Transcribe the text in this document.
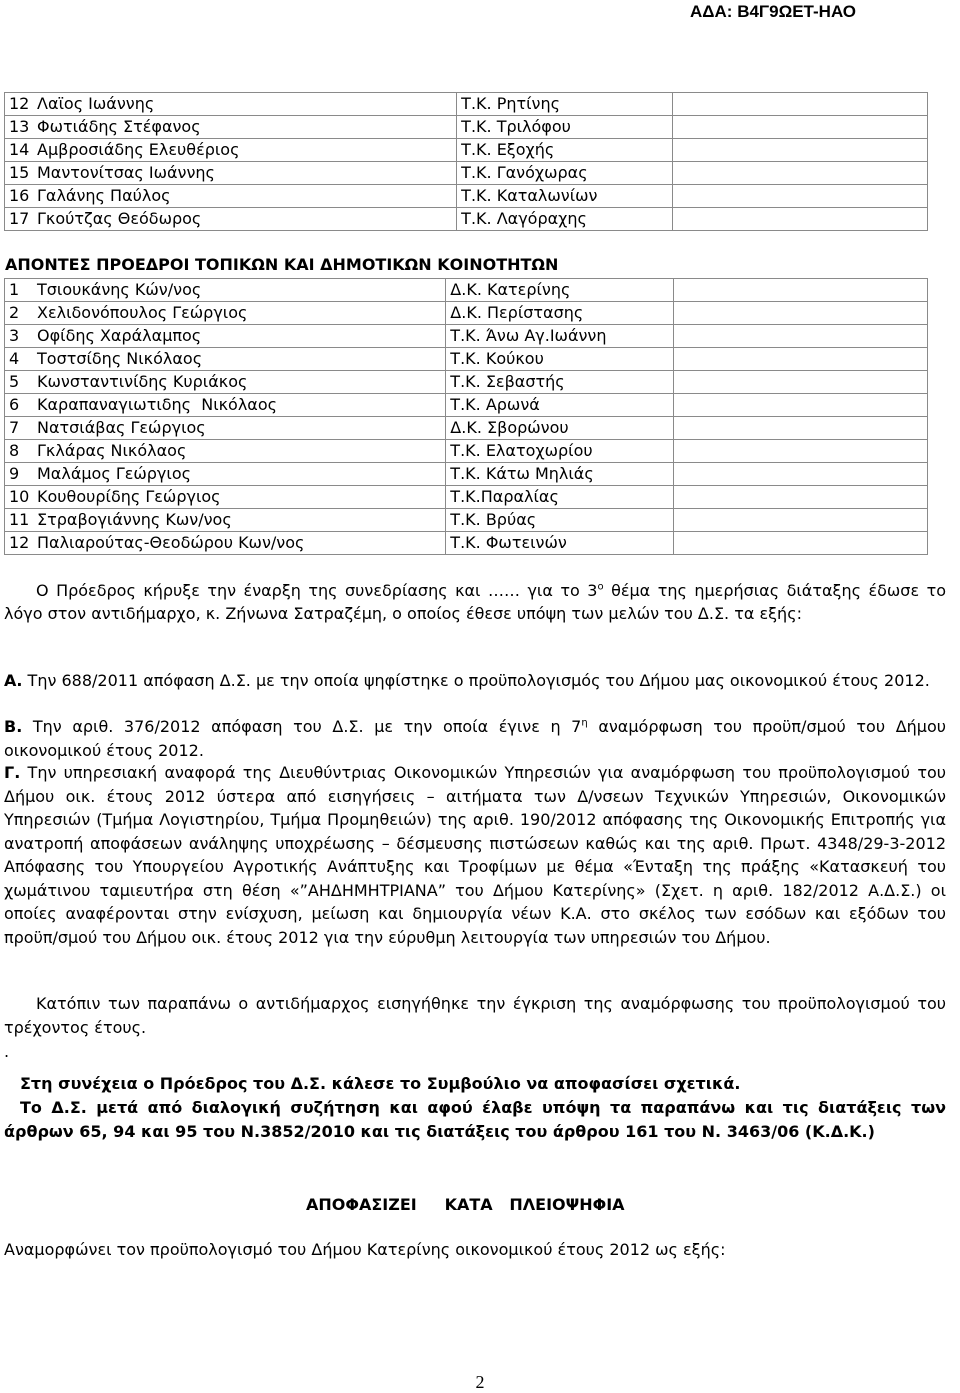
ΑΔΑ: Β4Γ9ΩΕΤ-ΗΑΟ
12 Λαϊος Ιωάννης	Τ.Κ. Ρητίνης	
13 Φωτιάδης Στέφανος	Τ.Κ. Τριλόφου	
14 Αμβροσιάδης Ελευθέριος	Τ.Κ. Εξοχής	
15 Μαντονίτσας Ιωάννης	Τ.Κ. Γανόχωρας	
16 Γαλάνης Παύλος	Τ.Κ. Καταλωνίων	
17 Γκούτζας Θεόδωρος	Τ.Κ. Λαγόραχης	
ΑΠΟΝΤΕΣ ΠΡΟΕΔΡΟΙ ΤΟΠΙΚΩΝ ΚΑΙ ΔΗΜΟΤΙΚΩΝ ΚΟΙΝΟΤΗΤΩΝ
1 Τσιουκάνης Κών/νος	Δ.Κ. Κατερίνης	
2 Χελιδονόπουλος Γεώργιος	Δ.Κ. Περίστασης	
3 Οφίδης Χαράλαμπος	Τ.Κ. Άνω Αγ.Ιωάννη	
4 Τοστσίδης Νικόλαος	Τ.Κ. Κούκου	
5 Κωνσταντινίδης Κυριάκος	Τ.Κ. Σεβαστής	
6 Καραπαναγιωτιδης  Νικόλαος	Τ.Κ. Αρωνά	
7 Νατσιάβας Γεώργιος	Δ.Κ. Σβορώνου	
8 Γκλάρας Νικόλαος	Τ.Κ. Ελατοχωρίου	
9 Μαλάμος Γεώργιος	Τ.Κ. Κάτω Μηλιάς	
10 Κουθουρίδης Γεώργιος	Τ.Κ.Παραλίας	
11 Στραβογιάννης Κων/νος	Τ.Κ. Βρύας	
12 Παλιαρούτας-Θεοδώρου Κων/νος	Τ.Κ. Φωτεινών	
Ο Πρόεδρος κήρυξε την έναρξη της συνεδρίασης και …… για το $3^o$ θέμα της ημερήσιας διάταξης έδωσε το λόγο στον αντιδήμαρχο, κ. Ζήνωνα Σατραζέμη, ο οποίος έθεσε υπόψη των μελών του Δ.Σ. τα εξής:
Α. Την 688/2011 απόφαση Δ.Σ. με την οποία ψηφίστηκε ο προϋπολογισμός του Δήμου μας οικονομικού έτους 2012.
Β. Την αριθ. 376/2012 απόφαση του Δ.Σ. με την οποία έγινε η $7^\eta$ αναμόρφωση του προϋπ/σμού του Δήμου οικονομικού έτους 2012.
Γ. Την υπηρεσιακή αναφορά της Διευθύντριας Οικονομικών Υπηρεσιών για αναμόρφωση του προϋπολογισμού του Δήμου οικ. έτους 2012 ύστερα από εισηγήσεις – αιτήματα των Δ/νσεων Τεχνικών Υπηρεσιών, Οικονομικών Υπηρεσιών (Τμήμα Λογιστηρίου, Τμήμα Προμηθειών) της αριθ. 190/2012 απόφασης της Οικονομικής Επιτροπής για ανατροπή αποφάσεων ανάληψης υποχρέωσης – δέσμευσης πιστώσεων καθώς και της αριθ. Πρωτ. 4348/29-3-2012 Απόφασης του Υπουργείου Αγροτικής Ανάπτυξης και Τροφίμων με θέμα «Ένταξη της πράξης «Κατασκευή του χωμάτινου ταμιευτήρα στη θέση «”ΑΗΔΗΜΗΤΡΙΑΝΑ” του Δήμου Κατερίνης» (Σχετ. η αριθ. 182/2012 Α.Δ.Σ.) οι οποίες αναφέρονται στην ενίσχυση, μείωση και δημιουργία νέων Κ.Α. στο σκέλος των εσόδων και εξόδων του προϋπ/σμού του Δήμου οικ. έτους 2012 για την εύρυθμη λειτουργία των υπηρεσιών του Δήμου.
Κατόπιν των παραπάνω ο αντιδήμαρχος εισηγήθηκε την έγκριση της αναμόρφωσης του προϋπολογισμού του τρέχοντος έτους.
.
Στη συνέχεια ο Πρόεδρος του Δ.Σ. κάλεσε το Συμβούλιο να αποφασίσει σχετικά.
Το Δ.Σ. μετά από διαλογική συζήτηση και αφού έλαβε υπόψη τα παραπάνω και τις διατάξεις των άρθρων 65, 94 και 95 του Ν.3852/2010 και τις διατάξεις του άρθρου 161 του Ν. 3463/06 (Κ.Δ.Κ.)
ΑΠΟΦΑΣΙΖΕΙ     ΚΑΤΑ   ΠΛΕΙΟΨΗΦΙΑ
Αναμορφώνει τον προϋπολογισμό του Δήμου Κατερίνης οικονομικού έτους 2012 ως εξής:
2
